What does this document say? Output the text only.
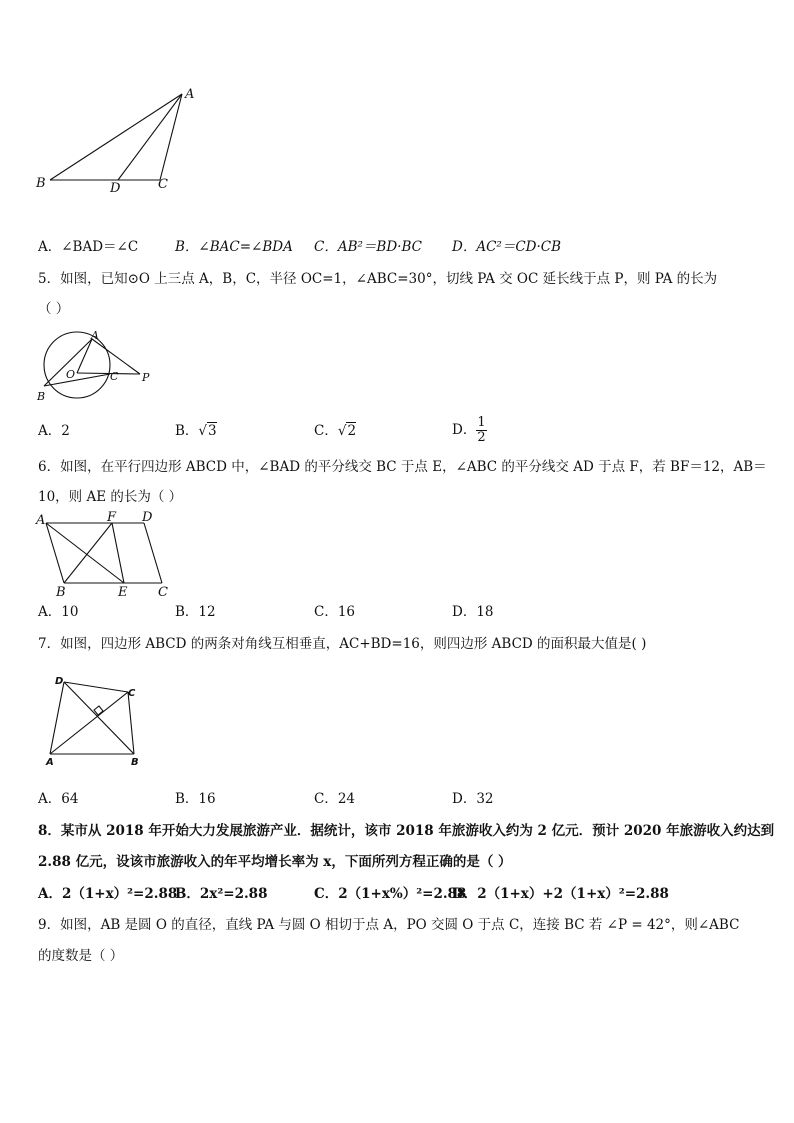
A
B	D	C
A．∠BAD＝∠C	B．∠BAC=∠BDA C．AB²＝BD·BC D．AC²＝CD·CB
5．如图，已知⊙O 上三点 A，B，C，半径 OC=1，∠ABC=30°，切线 PA 交 OC 延长线于点 P，则 PA 的长为
（ ）
A
B
O	C P
A．2	B．√3	C．√2	D． $\frac{1}{2}$
6．如图，在平行四边形 ABCD 中，∠BAD 的平分线交 BC 于点 E，∠ABC 的平分线交 AD 于点 F，若 BF＝12，AB＝
10，则 AE 的长为（ ）
A	F D
B	E C
A．10	B．12	C．16	D．18
7．如图，四边形 ABCD 的两条对角线互相垂直，AC+BD=16，则四边形 ABCD 的面积最大值是( )
D
C
A	B
A．64	B．16	C．24	D．32
8．某市从 2018 年开始大力发展旅游产业．据统计，该市 2018 年旅游收入约为 2 亿元．预计 2020 年旅游收入约达到
2.88 亿元，设该市旅游收入的年平均增长率为 x，下面所列方程正确的是（ ）
A．2（1+x）²=2.88
B．2x²=2.88	C．2（1+x%）²=2.88
D．2（1+x）+2（1+x）²=2.88
9．如图，AB 是圆 O 的直径，直线 PA 与圆 O 相切于点 A，PO 交圆 O 于点 C，连接 BC 若 ∠P = 42°，则∠ABC
的度数是（ ）
